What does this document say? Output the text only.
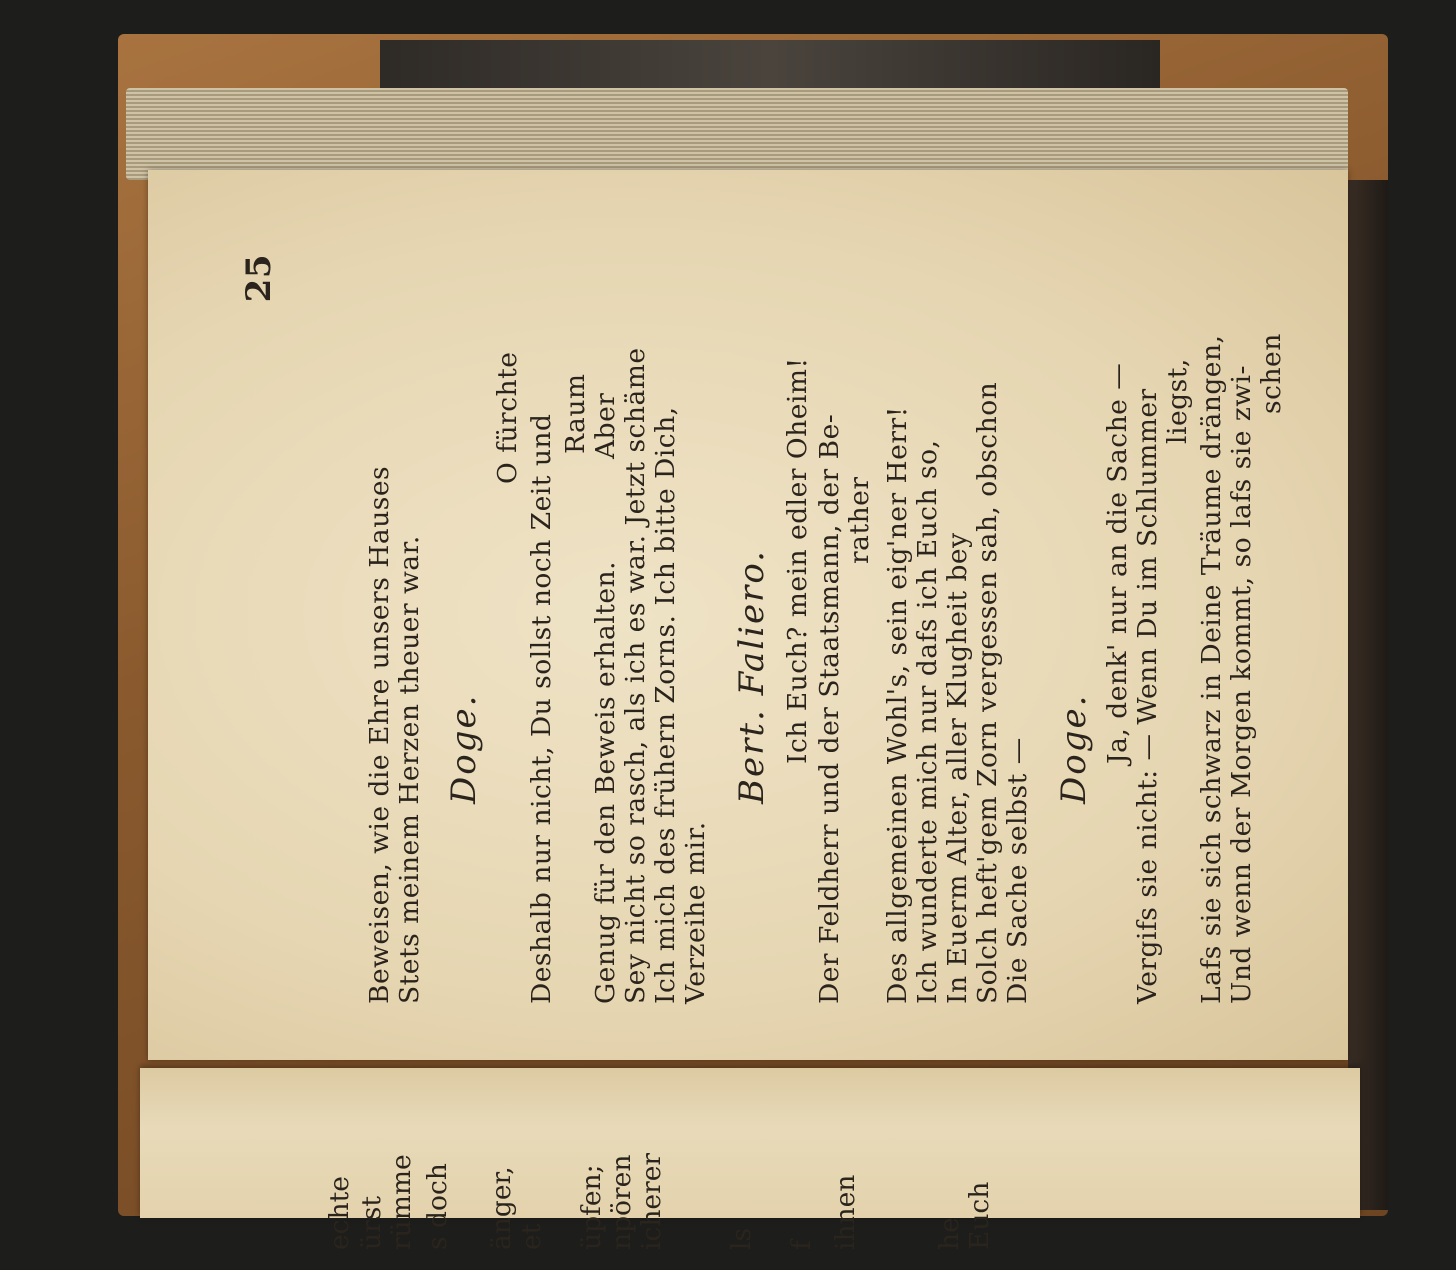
25
Beweisen, wie die Ehre unsers Hauses Stets meinem Herzen theuer war. Doge.
O fürchte Deshalb nur nicht, Du sollst noch Zeit und Raum Aber
Genug für den Beweis erhalten. Sey nicht so rasch, als ich es war. Jetzt schäme Ich mich des frühern Zorns. Ich bitte Dich, Verzeihe mir.
Bert. Faliero. Ich Euch? mein edler Oheim! Der Feldherr und der Staatsmann, der Be- rather Des allgemeinen Wohl's, sein eig'ner Herr! Ich wunderte mich nur dafs ich Euch so, In Euerm Alter, aller Klugheit bey Solch heft'gem Zorn vergessen sah, obschon Die Sache selbst — Doge. Ja, denk' nur an die Sache — Vergifs sie nicht: — Wenn Du im Schlummer liegst, Lafs sie sich schwarz in Deine Träume drängen, Und wenn der Morgen kommt, so lafs sie zwi- schen
echte ürst rümme s doch änger, et üpfen; npören icherer ls f ihnen	he Euch
